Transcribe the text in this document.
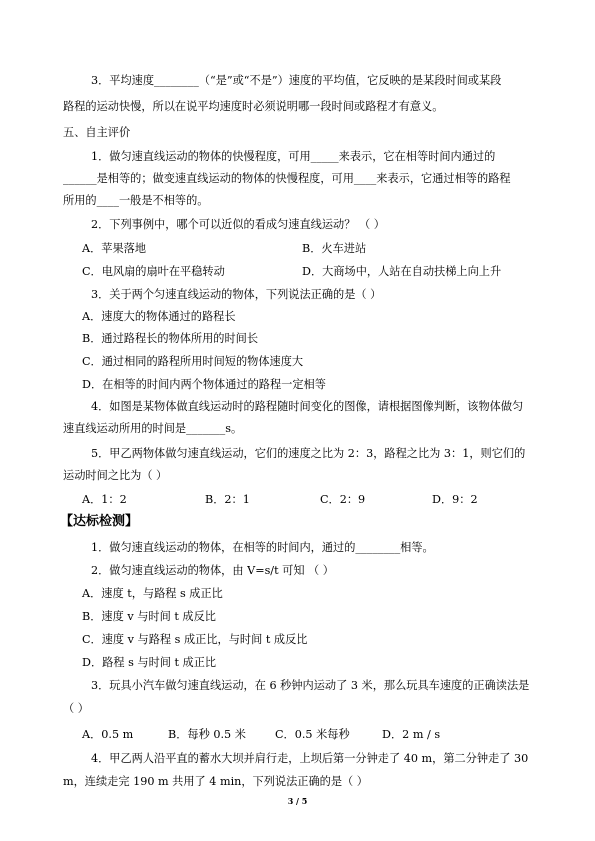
3．平均速度________（“是”或“不是”）速度的平均值，它反映的是某段时间或某段
路程的运动快慢，所以在说平均速度时必须说明哪一段时间或路程才有意义。
五、自主评价
1．做匀速直线运动的物体的快慢程度，可用_____来表示，它在相等时间内通过的
______是相等的；做变速直线运动的物体的快慢程度，可用____来表示，它通过相等的路程
所用的____一般是不相等的。
2．下列事例中，哪个可以近似的看成匀速直线运动？ （ ）
A．苹果落地	B．火车进站
C．电风扇的扇叶在平稳转动	D．大商场中，人站在自动扶梯上向上升
3．关于两个匀速直线运动的物体，下列说法正确的是（ ）
A．速度大的物体通过的路程长
B．通过路程长的物体所用的时间长
C．通过相同的路程所用时间短的物体速度大
D．在相等的时间内两个物体通过的路程一定相等
4．如图是某物体做直线运动时的路程随时间变化的图像，请根据图像判断，该物体做匀
速直线运动所用的时间是_______s。
5．甲乙两物体做匀速直线运动，它们的速度之比为 2：3，路程之比为 3：1，则它们的
运动时间之比为（ ）
A．1：2	B．2：1	C．2：9	D．9：2
【达标检测】
1．做匀速直线运动的物体，在相等的时间内，通过的________相等。
2．做匀速直线运动的物体，由 V=s/t 可知 （ ）
A．速度 t，与路程 s 成正比
B．速度 v 与时间 t 成反比
C．速度 v 与路程 s 成正比，与时间 t 成反比
D．路程 s 与时间 t 成正比
3．玩具小汽车做匀速直线运动，在 6 秒钟内运动了 3 米，那么玩具车速度的正确读法是
（ ）
A．0.5 m	B．每秒 0.5 米	C．0.5 米每秒	D．2 m / s
4．甲乙两人沿平直的蓄水大坝并肩行走，上坝后第一分钟走了 40 m，第二分钟走了 30
m，连续走完 190 m 共用了 4 min，下列说法正确的是（ ）
3 / 5
